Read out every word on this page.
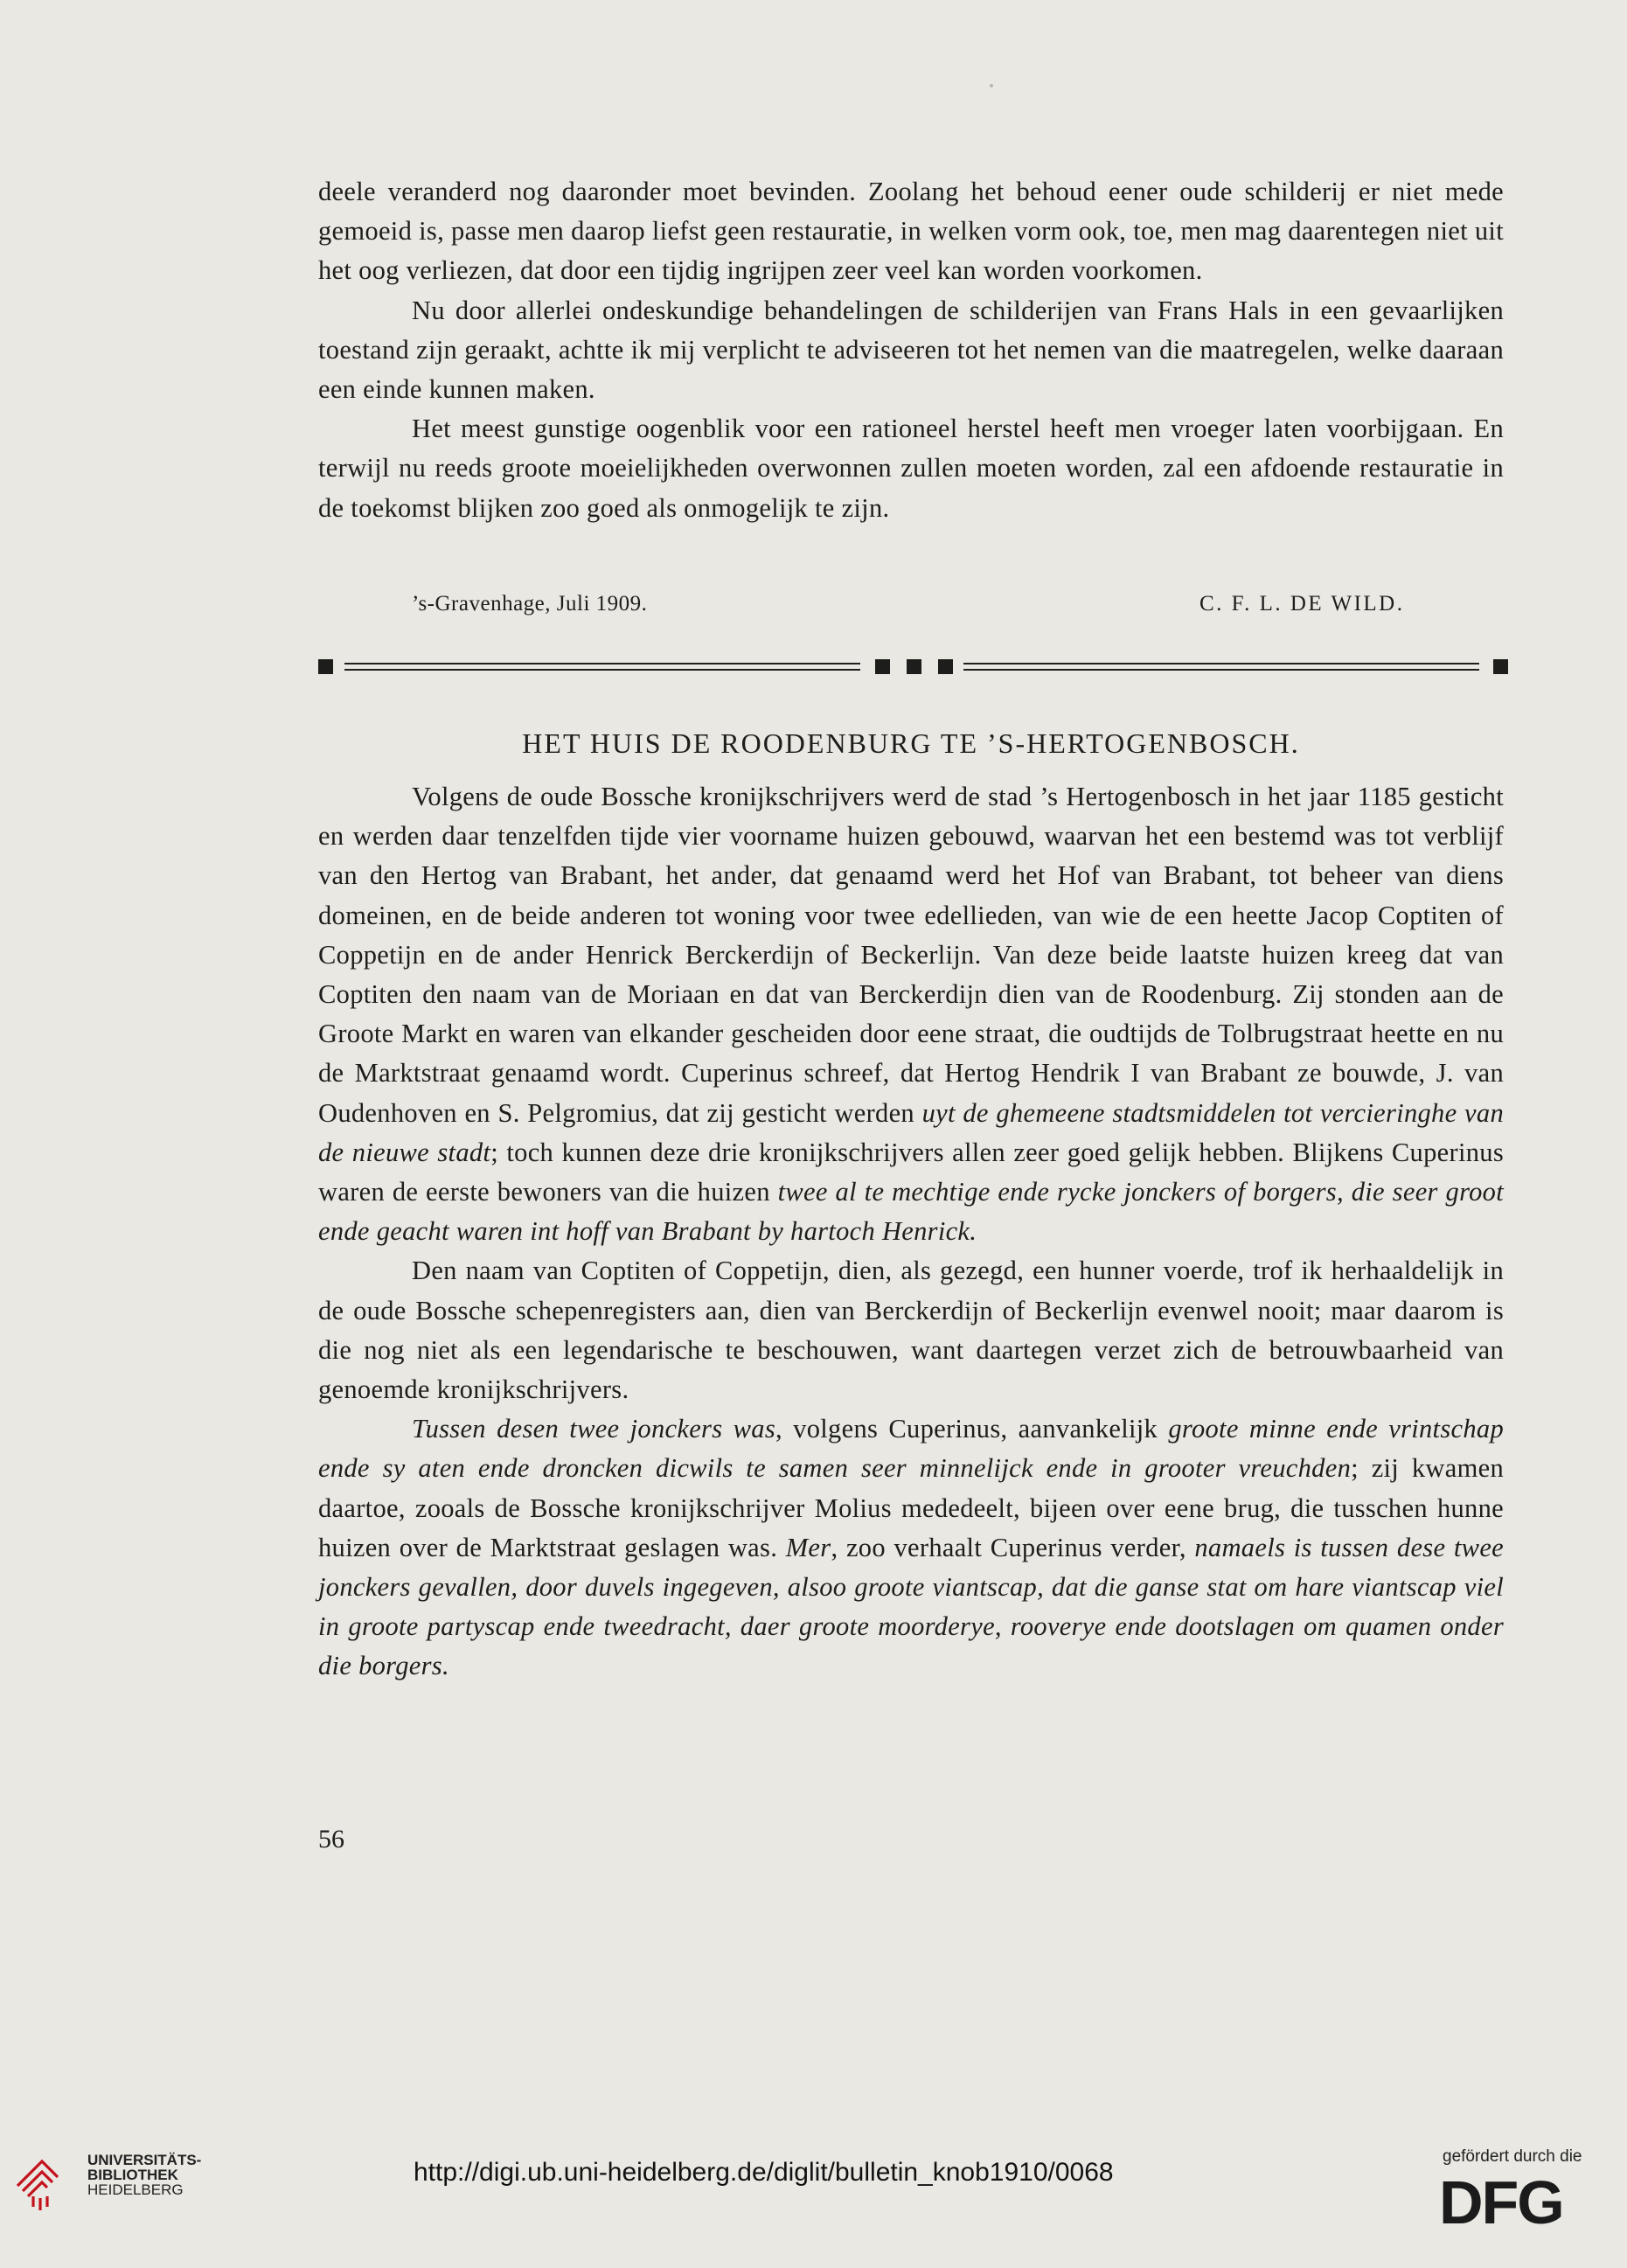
deele veranderd nog daaronder moet bevinden. Zoolang het behoud eener oude schilderij er niet mede gemoeid is, passe men daarop liefst geen restauratie, in welken vorm ook, toe, men mag daarentegen niet uit het oog verliezen, dat door een tijdig ingrijpen zeer veel kan worden voorkomen.

Nu door allerlei ondeskundige behandelingen de schilderijen van Frans Hals in een gevaarlijken toestand zijn geraakt, achtte ik mij verplicht te adviseeren tot het nemen van die maatregelen, welke daaraan een einde kunnen maken.

Het meest gunstige oogenblik voor een rationeel herstel heeft men vroeger laten voorbijgaan. En terwijl nu reeds groote moeielijkheden overwonnen zullen moeten worden, zal een afdoende restauratie in de toekomst blijken zoo goed als onmogelijk te zijn.

’s-Gravenhage, Juli 1909.	C. F. L. DE WILD.
HET HUIS DE ROODENBURG TE ’S-HERTOGENBOSCH.

Volgens de oude Bossche kronijkschrijvers werd de stad ’s Hertogenbosch in het jaar 1185 gesticht en werden daar tenzelfden tijde vier voorname huizen gebouwd, waarvan het een bestemd was tot verblijf van den Hertog van Brabant, het ander, dat genaamd werd het Hof van Brabant, tot beheer van diens domeinen, en de beide anderen tot woning voor twee edellieden, van wie de een heette Jacop Coptiten of Coppetijn en de ander Henrick Berckerdijn of Beckerlijn. Van deze beide laatste huizen kreeg dat van Coptiten den naam van de Moriaan en dat van Berckerdijn dien van de Roodenburg. Zij stonden aan de Groote Markt en waren van elkander gescheiden door eene straat, die oudtijds de Tolbrugstraat heette en nu de Marktstraat genaamd wordt. Cuperinus schreef, dat Hertog Hendrik I van Brabant ze bouwde, J. van Oudenhoven en S. Pelgromius, dat zij gesticht werden uyt de ghemeene stadtsmiddelen tot vercieringhe van de nieuwe stadt; toch kunnen deze drie kronijkschrijvers allen zeer goed gelijk hebben. Blijkens Cuperinus waren de eerste bewoners van die huizen twee al te mechtige ende rycke jonckers of borgers, die seer groot ende geacht waren int hoff van Brabant by hartoch Henrick.

Den naam van Coptiten of Coppetijn, dien, als gezegd, een hunner voerde, trof ik herhaaldelijk in de oude Bossche schepenregisters aan, dien van Berckerdijn of Beckerlijn evenwel nooit; maar daarom is die nog niet als een legendarische te beschouwen, want daartegen verzet zich de betrouwbaarheid van genoemde kronijkschrijvers.

Tussen desen twee jonckers was, volgens Cuperinus, aanvankelijk groote minne ende vrintschap ende sy aten ende droncken dicwils te samen seer minnelijck ende in grooter vreuchden; zij kwamen daartoe, zooals de Bossche kronijkschrijver Molius mededeelt, bijeen over eene brug, die tusschen hunne huizen over de Marktstraat geslagen was. Mer, zoo verhaalt Cuperinus verder, namaels is tussen dese twee jonckers gevallen, door duvels ingegeven, alsoo groote viantscap, dat die ganse stat om hare viantscap viel in groote partyscap ende tweedracht, daer groote moorderye, rooverye ende dootslagen om quamen onder die borgers.

56
UNIVERSITÄTS-
BIBLIOTHEK
HEIDELBERG
http://digi.ub.uni-heidelberg.de/diglit/bulletin_knob1910/0068
gefördert durch die
DFG
